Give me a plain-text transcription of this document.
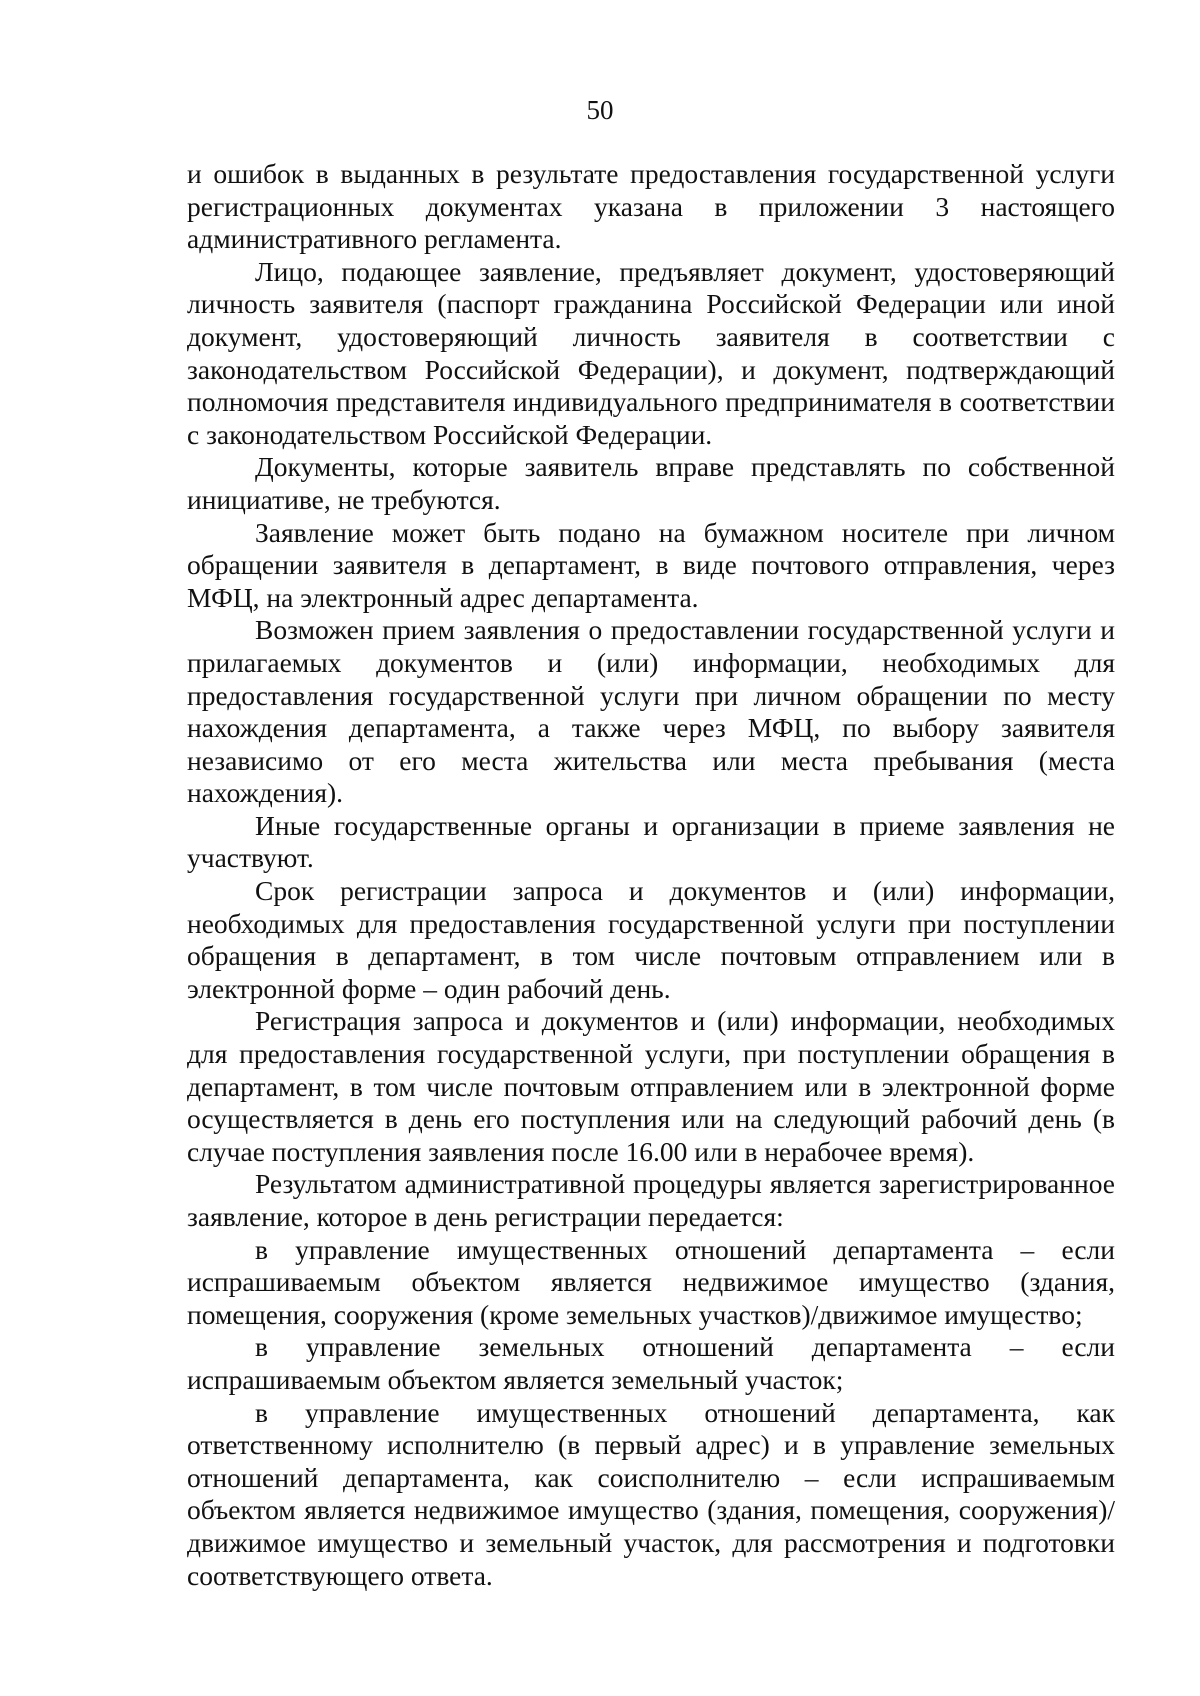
50

и ошибок в выданных в результате предоставления государственной услуги регистрационных документах указана в приложении 3 настоящего административного регламента.

Лицо, подающее заявление, предъявляет документ, удостоверяющий личность заявителя (паспорт гражданина Российской Федерации или иной документ, удостоверяющий личность заявителя в соответствии с законодательством Российской Федерации), и документ, подтверждающий полномочия представителя индивидуального предпринимателя в соответствии с законодательством Российской Федерации.

Документы, которые заявитель вправе представлять по собственной инициативе, не требуются.

Заявление может быть подано на бумажном носителе при личном обращении заявителя в департамент, в виде почтового отправления, через МФЦ, на электронный адрес департамента.

Возможен прием заявления о предоставлении государственной услуги и прилагаемых документов и (или) информации, необходимых для предоставления государственной услуги при личном обращении по месту нахождения департамента, а также через МФЦ, по выбору заявителя независимо от его места жительства или места пребывания (места нахождения).

Иные государственные органы и организации в приеме заявления не участвуют.

Срок регистрации запроса и документов и (или) информации, необходимых для предоставления государственной услуги при поступлении обращения в департамент, в том числе почтовым отправлением или в электронной форме – один рабочий день.

Регистрация запроса и документов и (или) информации, необходимых для предоставления государственной услуги, при поступлении обращения в департамент, в том числе почтовым отправлением или в электронной форме осуществляется в день его поступления или на следующий рабочий день (в случае поступления заявления после 16.00 или в нерабочее время).

Результатом административной процедуры является зарегистрированное заявление, которое в день регистрации передается:

в управление имущественных отношений департамента – если испрашиваемым объектом является недвижимое имущество (здания, помещения, сооружения (кроме земельных участков)/движимое имущество;

в управление земельных отношений департамента – если испрашиваемым объектом является земельный участок;

в управление имущественных отношений департамента, как ответственному исполнителю (в первый адрес) и в управление земельных отношений департамента, как соисполнителю – если испрашиваемым объектом является недвижимое имущество (здания, помещения, сооружения)/ движимое имущество и земельный участок, для рассмотрения и подготовки соответствующего ответа.
